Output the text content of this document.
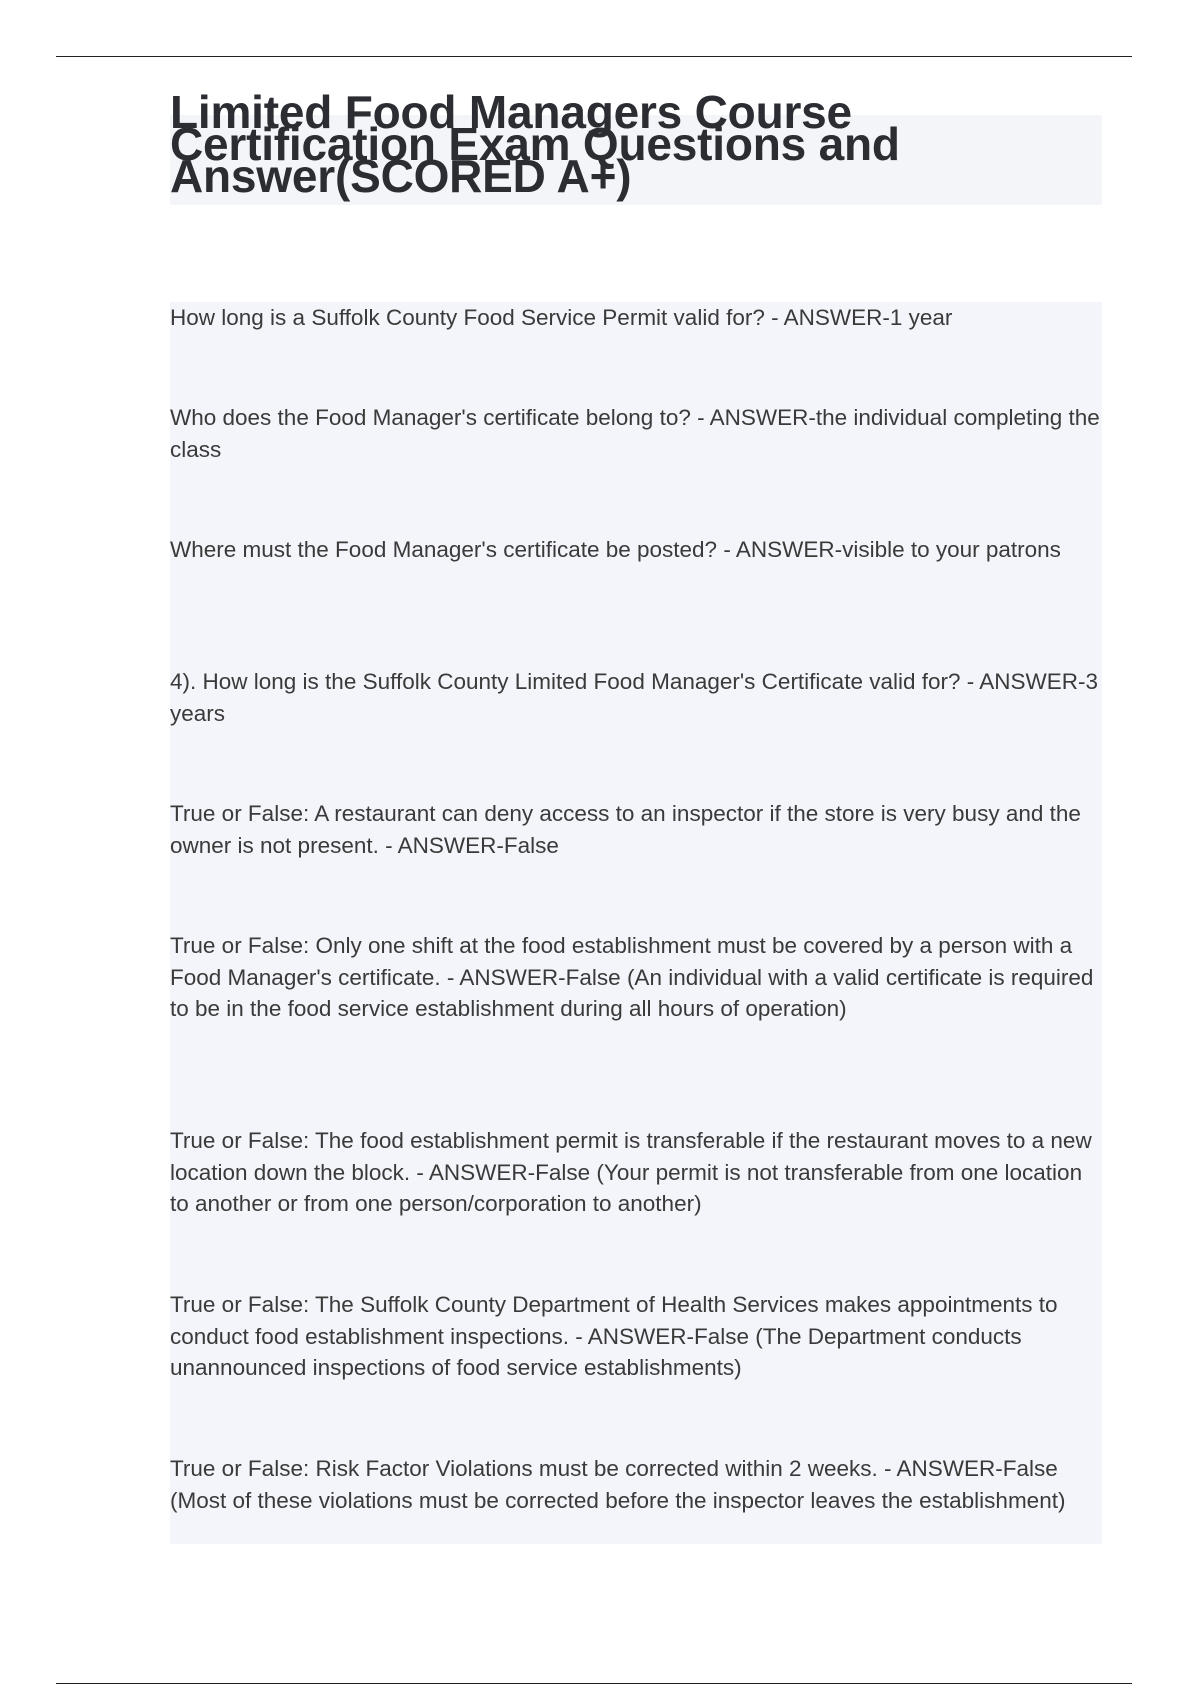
Limited Food Managers Course Certification Exam Questions and Answer(SCORED A+)

How long is a Suffolk County Food Service Permit valid for? - ANSWER-1 year

Who does the Food Manager's certificate belong to? - ANSWER-the individual completing the class

Where must the Food Manager's certificate be posted? - ANSWER-visible to your patrons

4). How long is the Suffolk County Limited Food Manager's Certificate valid for? - ANSWER-3 years

True or False: A restaurant can deny access to an inspector if the store is very busy and the owner is not present. - ANSWER-False

True or False: Only one shift at the food establishment must be covered by a person with a Food Manager's certificate. - ANSWER-False (An individual with a valid certificate is required to be in the food service establishment during all hours of operation)

True or False: The food establishment permit is transferable if the restaurant moves to a new location down the block. - ANSWER-False (Your permit is not transferable from one location to another or from one person/corporation to another)

True or False: The Suffolk County Department of Health Services makes appointments to conduct food establishment inspections. - ANSWER-False (The Department conducts unannounced inspections of food service establishments)

True or False: Risk Factor Violations must be corrected within 2 weeks. - ANSWER-False (Most of these violations must be corrected before the inspector leaves the establishment)
